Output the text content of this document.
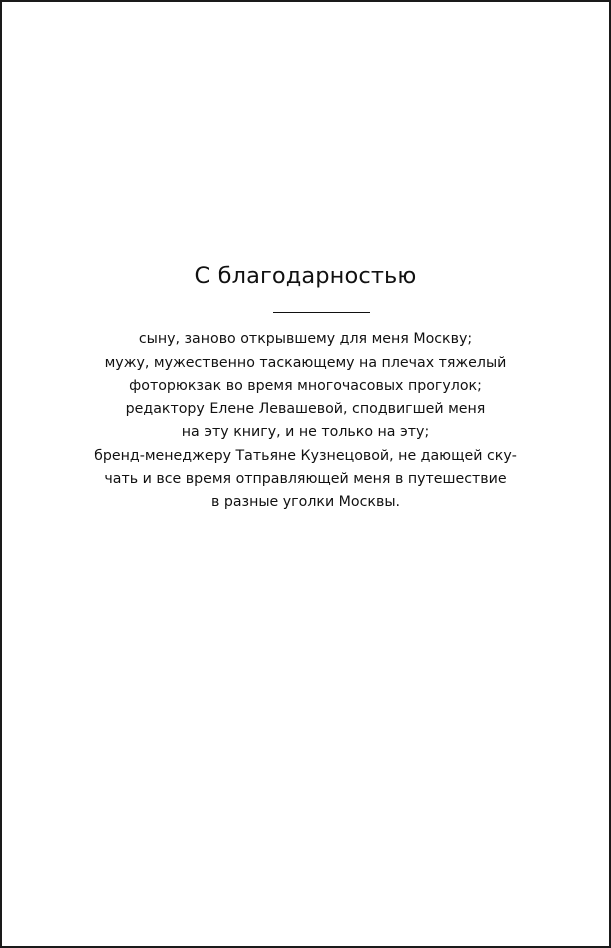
С благодарностью

сыну, заново открывшему для меня Москву;

мужу, мужественно таскающему на плечах тяжелый
фоторюкзак во время многочасовых прогулок;

редактору Елене Левашевой, сподвигшей меня
на эту книгу, и не только на эту;

бренд-менеджеру Татьяне Кузнецовой, не дающей ску-
чать и все время отправляющей меня в путешествие
в разные уголки Москвы.
